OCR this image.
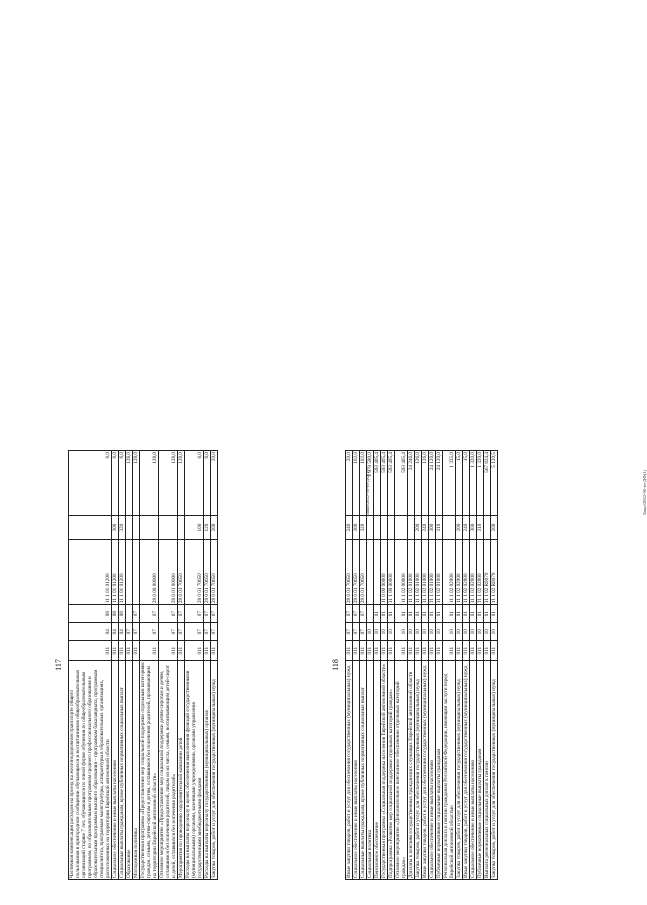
117
Частичная компенсация расходов на проезд на железнодорожном транспорте общего пользования в пригородном сообщении обучающихся и воспитанников общеобразовательных организаций старше 7 лет, обучающихся по очной форме обучения по общеобразовательным программам, по образовательным программам среднего профессионального образования и образовательным программам высшего образования – программам бакалавриата, программам специалитета, программам магистратуры, аспирантуры в образовательных организациях, расположенных на территории Еврейской автономной области	011	04	08	11 1 01 01200		6,0
Социальное обеспечение и иные выплаты населению	011	04	08	11 1 01 01200	300	6,0
Социальные выплаты гражданам, кроме публичных нормативных социальных выплат	011	04	08	11 1 01 01200	320	6,0
Образование	011	07				128,0
Молодежная политика	011	07	07			128,0
Государственная программа «Предоставление мер социальной поддержки отдельным категориям граждан, семьям, детям-сиротам и детям, оставшимся без попечения родителей, проживающим на территории Еврейской автономной области»	011	07	07	28 0 00 00000		128,0
Основное мероприятие «Предоставление мер социальной поддержки детям-сиротам и детям, оставшимся без попечения родителей, лицам из их числа, семьям, воспитывающим детей-сирот и детей, оставшихся без попечения родителей»	011	07	07	28 0 01 00000		128,0
Мероприятия по проведению оздоровительной кампании детей	011	07	07	28 0 01 70650		128,0
Расходы на выплаты персоналу в целях обеспечения выполнения функций государственными (муниципальными) органами, казенными учреждениями, органами управления государственными внебюджетными фондами	011	07	07	28 0 01 70650	100	6,0
Расходы на выплаты персоналу государственных (муниципальных) органов	011	07	07	28 0 01 70650	120	6,0
Закупка товаров, работ и услуг для обеспечения государственных (муниципальных) нужд	011	07	07	28 0 01 70650	200	20,0
Заказ/2022-96-то-ДФ(1)
118
Иные закупки товаров, работ и услуг для обеспечения государственных (муниципальных) нужд	011	07	07	28 0 01 70650	240	20,0
Социальное обеспечение и иные выплаты населению	011	07	07	28 0 01 70650	300	102,0
Социальные выплаты гражданам, кроме публичных нормативных социальных выплат	011	07	07	28 0 01 70650	320	102,0
Социальная политика	011	10				1 979 590,0
Пенсионное обеспечение	011	10	01			593 405,4
Государственная программа «Социальная поддержка населения Еврейской автономной области»	011	10	01	11 0 00 00000		593 405,4
Подпрограмма «Развитие мер социальной поддержки отдельных категорий граждан»	011	10	01	11 1 00 00000		593 405,4
Основное мероприятие «Дополнительное пенсионное обеспечение отдельных категорий граждан»	011	10	01	11 1 02 00000		593 405,4
Доплаты к пенсиям государственных гражданских служащих Еврейской автономной области	011	10	01	11 1 02 01000		24 246,0
Закупка товаров, работ и услуг для обеспечения государственных (муниципальных) нужд	011	10	01	11 1 02 01000	200	126,0
Иные закупки товаров, работ и услуг для обеспечения государственных (муниципальных) нужд	011	10	01	11 1 02 01000	240	126,0
Социальное обеспечение и иные выплаты населению	011	10	01	11 1 02 01000	300	24 120,0
Публичные нормативные социальные выплаты гражданам	011	10	01	11 1 02 01000	310	24 120,0
Региональная доплата к пенсии гражданам Российской Федерации, имеющим заслуги перед Еврейской автономной областью	011	10	01	11 1 02 02000		1 335,0
Закупка товаров, работ и услуг для обеспечения государственных (муниципальных) нужд	011	10	01	11 1 02 02000	200	15,0
Иные закупки товаров, работ и услуг для обеспечения государственных (муниципальных) нужд	011	10	01	11 1 02 02000	240	15,0
Социальное обеспечение и иные выплаты населению	011	10	01	11 1 02 02000	300	1 320,0
Публичные нормативные социальные выплаты гражданам	011	10	01	11 1 02 02000	310	1 320,0
Выплата региональных социальных доплат к пенсии	011	10	01	11 1 02 R0070		567 824,4
Закупка товаров, работ и услуг для обеспечения государственных (муниципальных) нужд	011	10	01	11 1 02 R0070	200	5 120,5
Заказ/2022-96-то-ДФ(1)
